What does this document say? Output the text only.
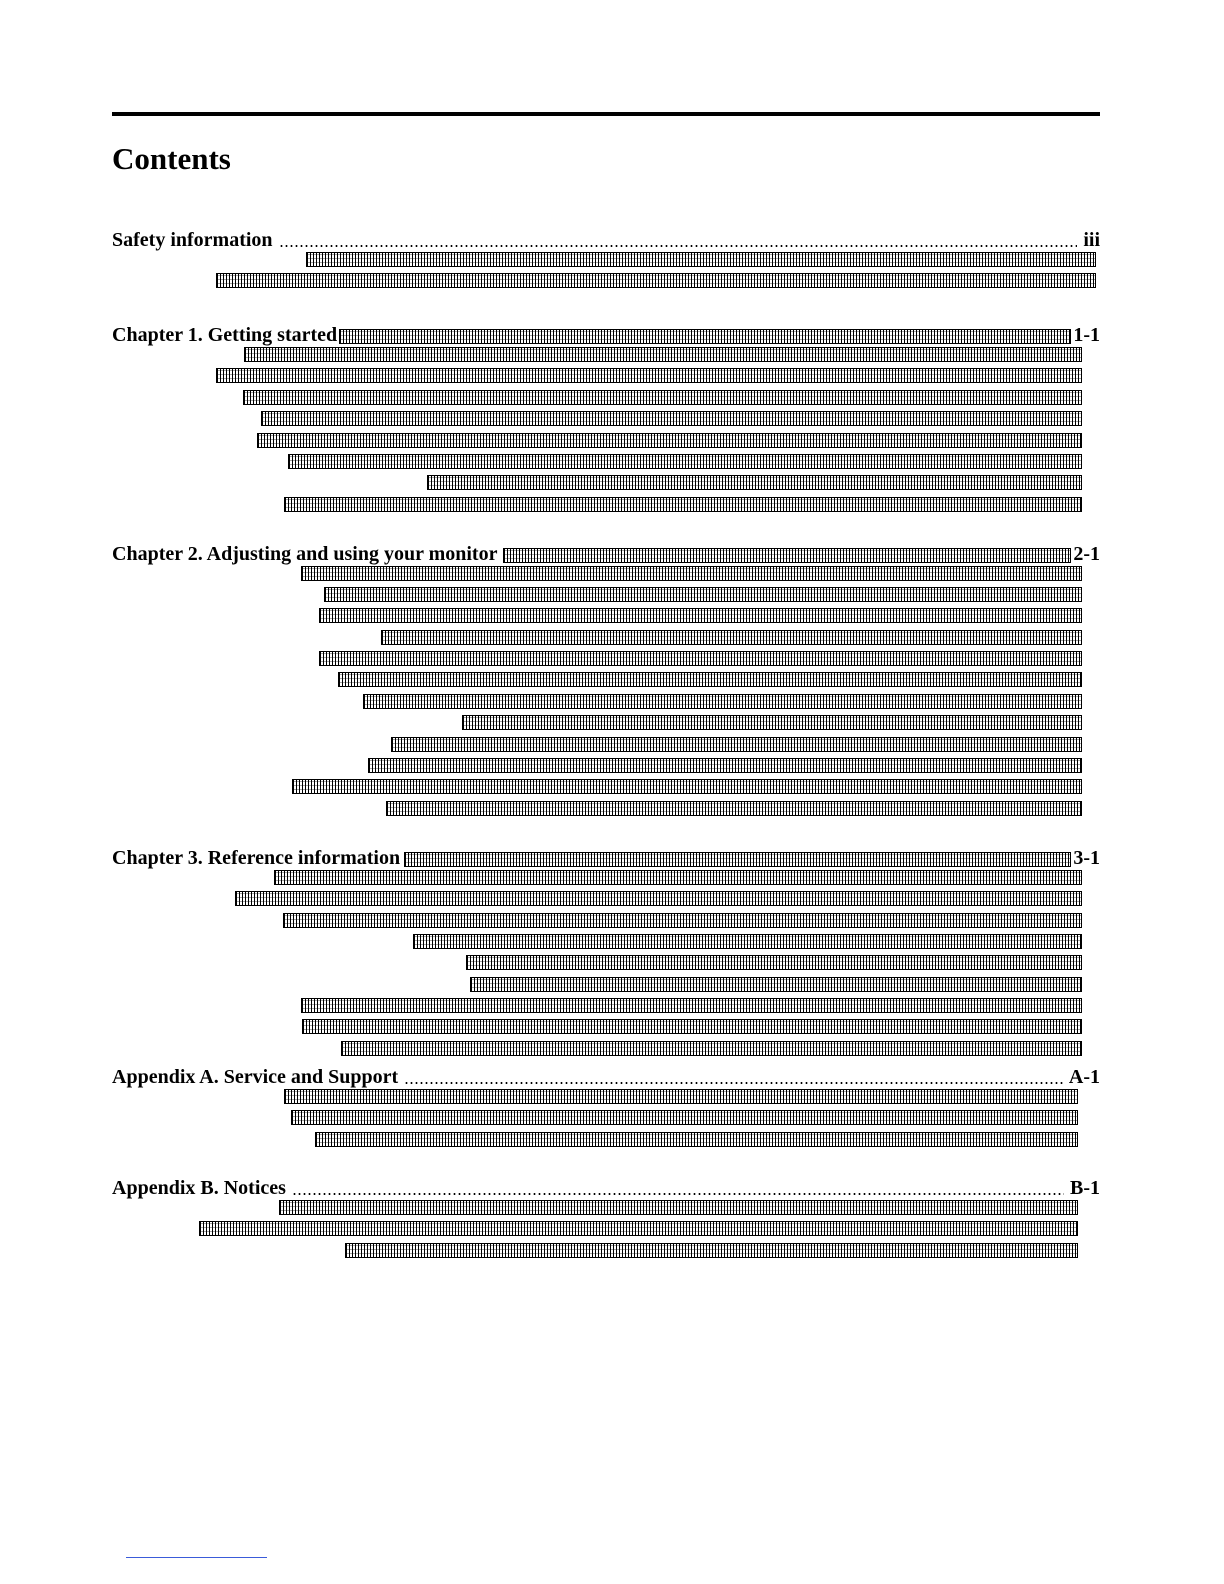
Contents
Safety information	iii
Chapter 1. Getting started	1-1
Chapter 2. Adjusting and using your monitor	2-1
Chapter 3. Reference information	3-1
Appendix A. Service and Support	A-1
Appendix B. Notices	B-1
